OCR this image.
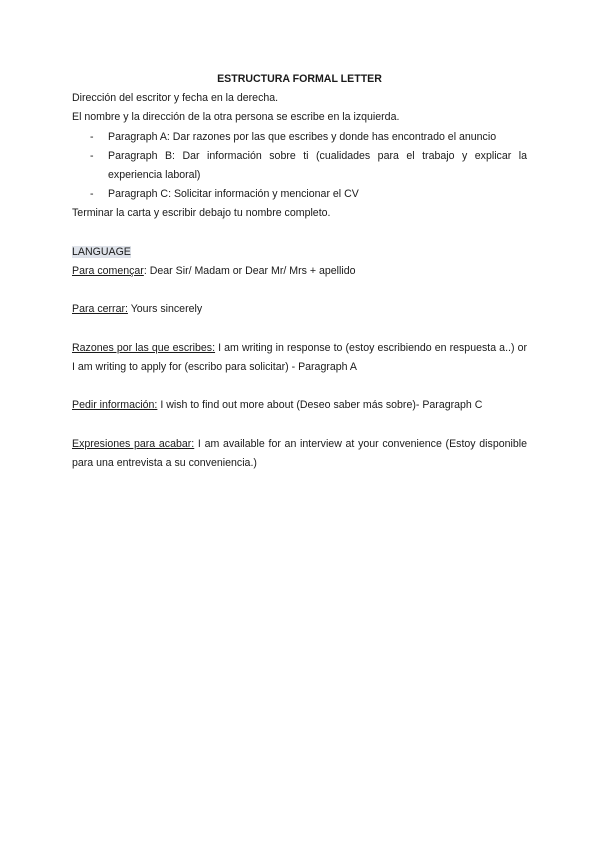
ESTRUCTURA FORMAL LETTER

Dirección del escritor y fecha en la derecha.

El nombre y la dirección de la otra persona se escribe en la izquierda.

- Paragraph A: Dar razones por las que escribes y donde has encontrado el anuncio
- Paragraph B: Dar información sobre ti (cualidades para el trabajo y explicar la experiencia laboral)
- Paragraph C: Solicitar información y mencionar el CV

Terminar la carta y escribir debajo tu nombre completo.

LANGUAGE

Para començar: Dear Sir/ Madam or Dear Mr/ Mrs + apellido

Para cerrar: Yours sincerely

Razones por las que escribes: I am writing in response to (estoy escribiendo en respuesta a..) or I am writing to apply for (escribo para solicitar) - Paragraph A

Pedir información: I wish to find out more about (Deseo saber más sobre)- Paragraph C

Expresiones para acabar: I am available for an interview at your convenience (Estoy disponible para una entrevista a su conveniencia.)
